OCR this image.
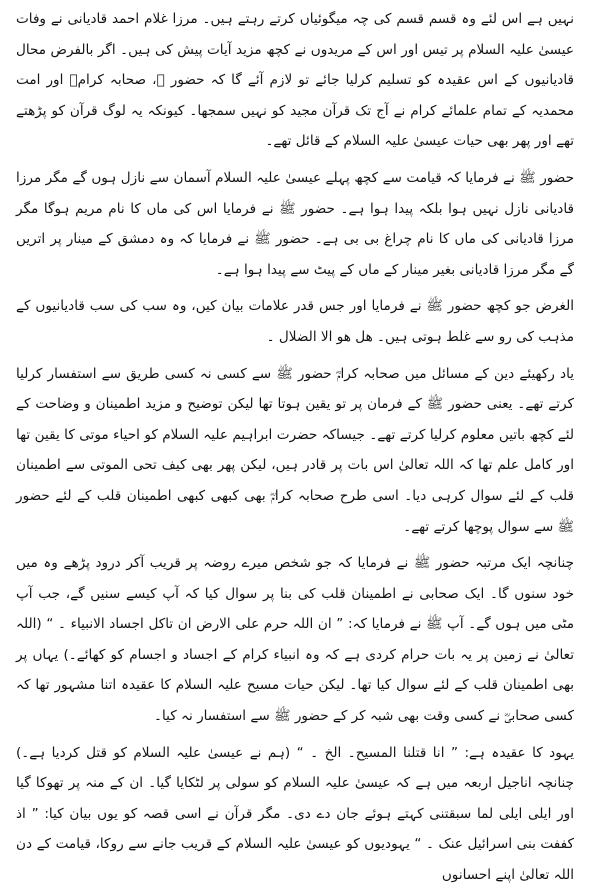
نہیں ہے اس لئے وہ قسم قسم کی چہ میگوئیاں کرتے رہتے ہیں۔ مرزا غلام احمد قادیانی نے وفات عیسیٰ علیہ السلام پر تیس اور اس کے مریدوں نے کچھ مزید آیات پیش کی ہیں۔ اگر بالفرض محال قادیانیوں کے اس عقیدہ کو تسلیم کرلیا جائے تو لازم آئے گا کہ حضور ﷺ، صحابہ کرامؓ اور امت محمدیہ کے تمام علمائے کرام نے آج تک قرآن مجید کو نہیں سمجھا۔ کیونکہ یہ لوگ قرآن کو پڑھتے تھے اور پھر بھی حیات عیسیٰ علیہ السلام کے قائل تھے۔

حضور ﷺ نے فرمایا کہ قیامت سے کچھ پہلے عیسیٰ علیہ السلام آسمان سے نازل ہوں گے مگر مرزا قادیانی نازل نہیں ہوا بلکہ پیدا ہوا ہے۔ حضور ﷺ نے فرمایا اس کی ماں کا نام مریم ہوگا مگر مرزا قادیانی کی ماں کا نام چراغ بی بی ہے۔ حضور ﷺ نے فرمایا کہ وہ دمشق کے مینار پر اتریں گے مگر مرزا قادیانی بغیر مینار کے ماں کے پیٹ سے پیدا ہوا ہے۔

الغرض جو کچھ حضور ﷺ نے فرمایا اور جس قدر علامات بیان کیں، وہ سب کی سب قادیانیوں کے مذہب کی رو سے غلط ہوتی ہیں۔ ھل ھو الا الضلال ۔

یاد رکھیئے دین کے مسائل میں صحابہ کرامؓ حضور ﷺ سے کسی نہ کسی طریق سے استفسار کرلیا کرتے تھے۔ یعنی حضور ﷺ کے فرمان پر تو یقین ہوتا تھا لیکن توضیح و مزید اطمینان و وضاحت کے لئے کچھ باتیں معلوم کرلیا کرتے تھے۔ جیساکہ حضرت ابراہیم علیہ السلام کو احیاء موتی کا یقین تھا اور کامل علم تھا کہ اللہ تعالیٰ اس بات پر قادر ہیں، لیکن پھر بھی کیف تحی الموتی سے اطمینان قلب کے لئے سوال کرہی دیا۔ اسی طرح صحابہ کرامؓ بھی کبھی کبھی اطمینان قلب کے لئے حضور ﷺ سے سوال پوچھا کرتے تھے۔

چنانچہ ایک مرتبہ حضور ﷺ نے فرمایا کہ جو شخص میرے روضہ پر قریب آکر درود پڑھے وہ میں خود سنوں گا۔ ایک صحابی نے اطمینان قلب کی بنا پر سوال کیا کہ آپ کیسے سنیں گے، جب آپ مٹی میں ہوں گے۔ آپ ﷺ نے فرمایا کہ: ” ان اللہ حرم علی الارض ان تاکل اجساد الانبیاء ۔ “ (اللہ تعالیٰ نے زمین پر یہ بات حرام کردی ہے کہ وہ انبیاء کرام کے اجساد و اجسام کو کھائے۔) یہاں پر بھی اطمینان قلب کے لئے سوال کیا تھا۔ لیکن حیات مسیح علیہ السلام کا عقیدہ اتنا مشہور تھا کہ کسی صحابیؓ نے کسی وقت بھی شبہ کر کے حضور ﷺ سے استفسار نہ کیا۔

یہود کا عقیدہ ہے: ” انا قتلنا المسیح۔ الخ ۔ “ (ہم نے عیسیٰ علیہ السلام کو قتل کردیا ہے۔) چنانچہ اناجیل اربعہ میں ہے کہ عیسیٰ علیہ السلام کو سولی پر لٹکایا گیا۔ ان کے منہ پر تھوکا گیا اور ایلی ایلی لما سبقتنی کہتے ہوئے جان دے دی۔ مگر قرآن نے اسی قصہ کو یوں بیان کیا: ” اذ کففت بنی اسرائیل عنک ۔ “ یہودیوں کو عیسیٰ علیہ السلام کے قریب جانے سے روکا، قیامت کے دن اللہ تعالیٰ اپنے احسانوں
